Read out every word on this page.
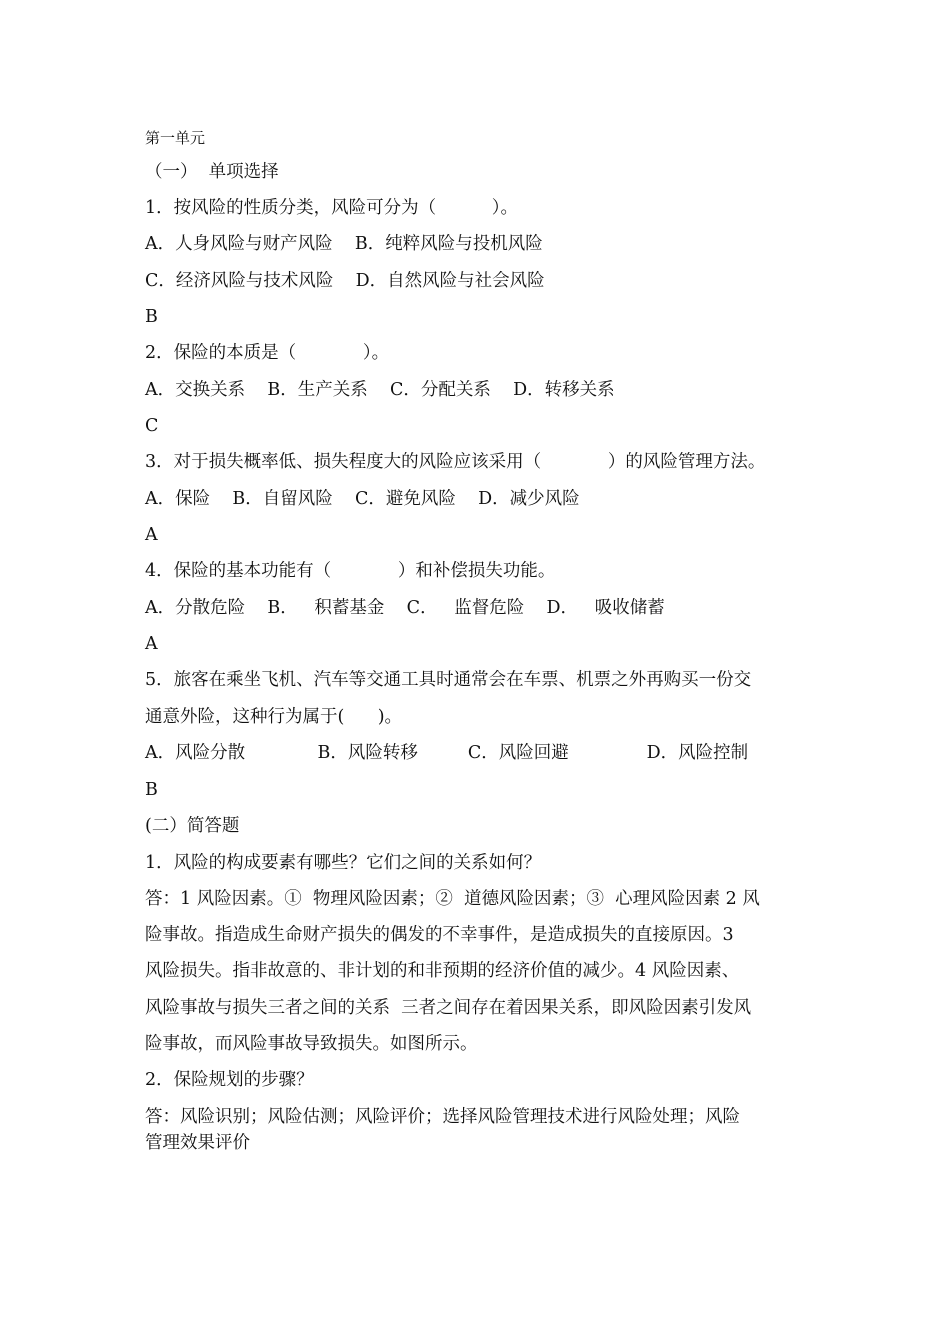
第一单元
（一）  单项选择
1．按风险的性质分类，风险可分为（          ）。
A．人身风险与财产风险    B．纯粹风险与投机风险
C．经济风险与技术风险    D．自然风险与社会风险
B
2．保险的本质是（            ）。
A．交换关系    B．生产关系    C．分配关系    D．转移关系
C
3．对于损失概率低、损失程度大的风险应该采用（            ）的风险管理方法。
A．保险    B．自留风险    C．避免风险    D．减少风险
A
4．保险的基本功能有（            ）和补偿损失功能。
A．分散危险    B．   积蓄基金    C．   监督危险    D．   吸收储蓄
A
5．旅客在乘坐飞机、汽车等交通工具时通常会在车票、机票之外再购买一份交
通意外险，这种行为属于(      )。
A．风险分散             B．风险转移         C．风险回避              D．风险控制
B
(二）简答题
1．风险的构成要素有哪些？它们之间的关系如何？
答：1 风险因素。①  物理风险因素；②  道德风险因素；③  心理风险因素 2 风
险事故。指造成生命财产损失的偶发的不幸事件，是造成损失的直接原因。3
风险损失。指非故意的、非计划的和非预期的经济价值的减少。4 风险因素、
风险事故与损失三者之间的关系  三者之间存在着因果关系，即风险因素引发风
险事故，而风险事故导致损失。如图所示。
2．保险规划的步骤？
答：风险识别；风险估测；风险评价；选择风险管理技术进行风险处理；风险
管理效果评价
